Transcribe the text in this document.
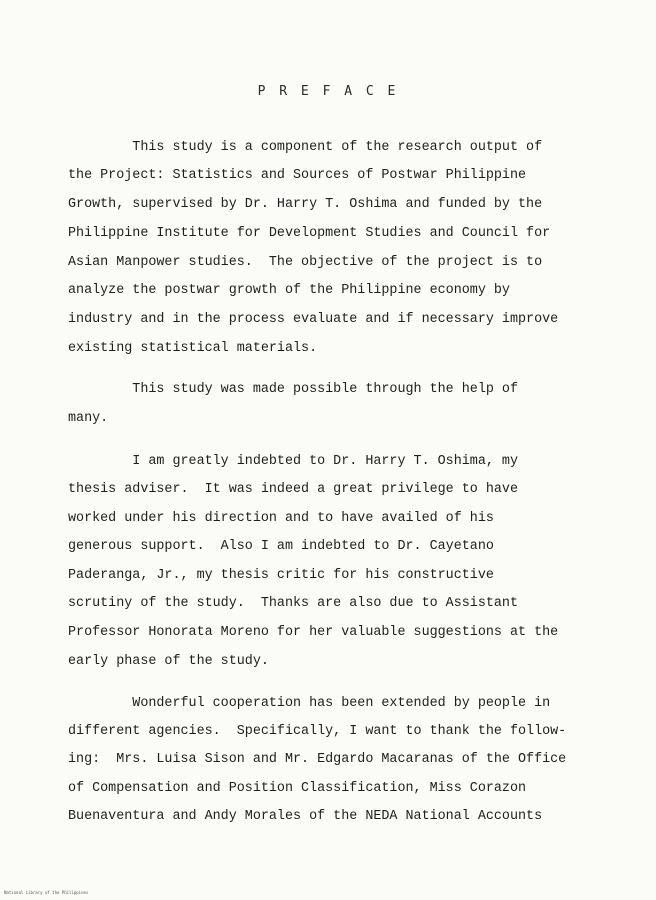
P R E F A C E
This study is a component of the research output of
the Project: Statistics and Sources of Postwar Philippine
Growth, supervised by Dr. Harry T. Oshima and funded by the
Philippine Institute for Development Studies and Council for
Asian Manpower studies.  The objective of the project is to
analyze the postwar growth of the Philippine economy by
industry and in the process evaluate and if necessary improve
existing statistical materials.
This study was made possible through the help of
many.
I am greatly indebted to Dr. Harry T. Oshima, my
thesis adviser.  It was indeed a great privilege to have
worked under his direction and to have availed of his
generous support.  Also I am indebted to Dr. Cayetano
Paderanga, Jr., my thesis critic for his constructive
scrutiny of the study.  Thanks are also due to Assistant
Professor Honorata Moreno for her valuable suggestions at the
early phase of the study.
Wonderful cooperation has been extended by people in
different agencies.  Specifically, I want to thank the follow-
ing:  Mrs. Luisa Sison and Mr. Edgardo Macaranas of the Office
of Compensation and Position Classification, Miss Corazon
Buenaventura and Andy Morales of the NEDA National Accounts
National Library of the Philippines
